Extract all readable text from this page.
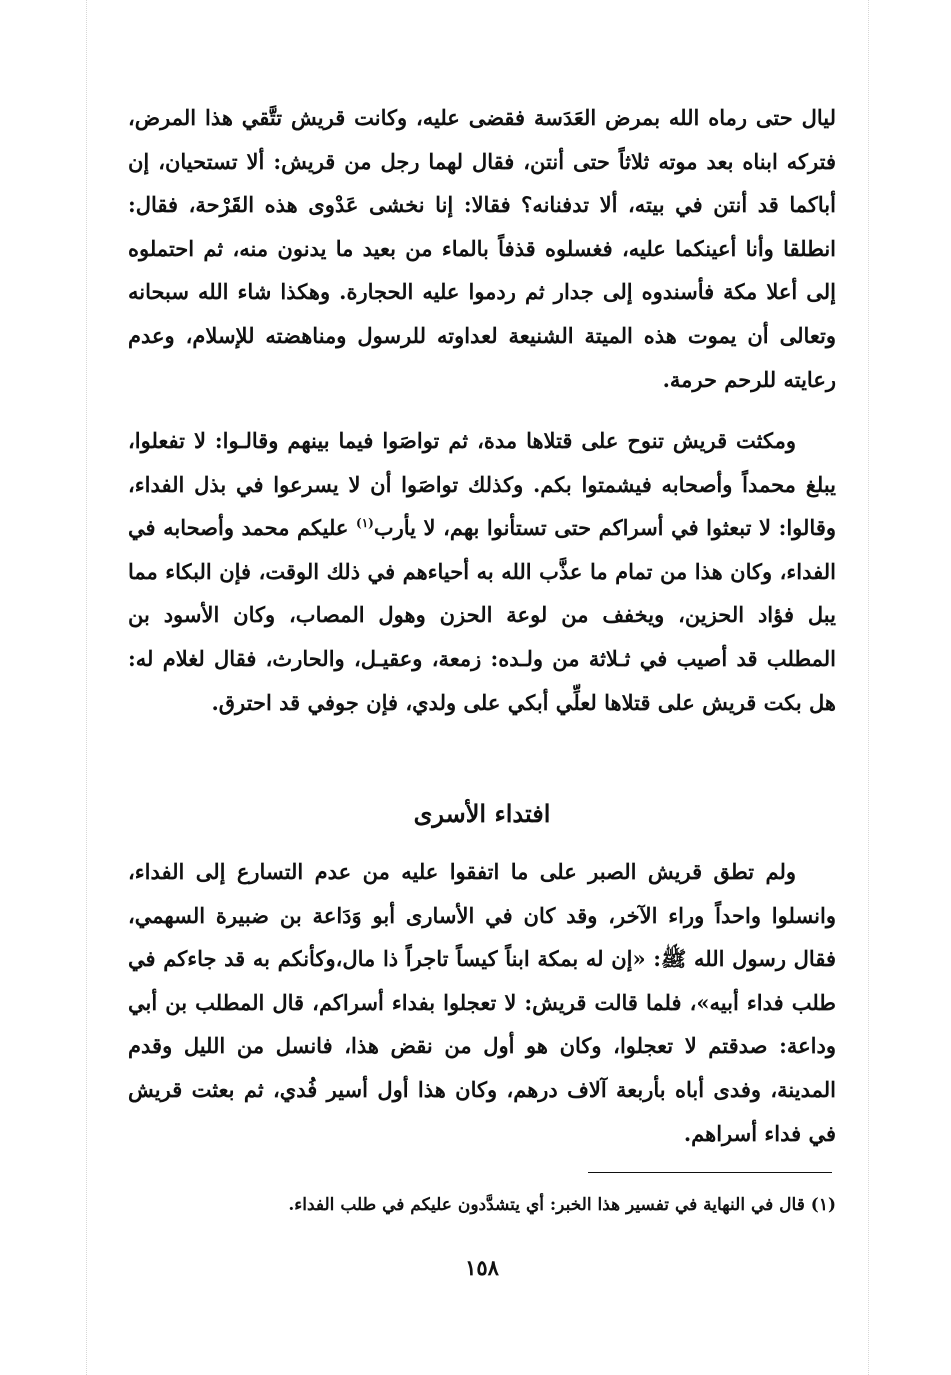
ليال حتى رماه الله بمرض العَدَسة فقضى عليه، وكانت قريش تتَّقي هذا المرض، فتركه ابناه بعد موته ثلاثاً حتى أنتن، فقال لهما رجل من قريش: ألا تستحيان، إن أباكما قد أنتن في بيته، ألا تدفنانه؟ فقالا: إنا نخشى عَدْوى هذه القَرْحة، فقال: انطلقا وأنا أعينكما عليه، فغسلوه قذفاً بالماء من بعيد ما يدنون منه، ثم احتملوه إلى أعلا مكة فأسندوه إلى جدار ثم ردموا عليه الحجارة. وهكذا شاء الله سبحانه وتعالى أن يموت هذه الميتة الشنيعة لعداوته للرسول ومناهضته للإسلام، وعدم رعايته للرحم حرمة.

ومكثت قريش تنوح على قتلاها مدة، ثم تواصَوا فيما بينهم وقالـوا: لا تفعلوا، يبلغ محمداً وأصحابه فيشمتوا بكم. وكذلك تواصَوا أن لا يسرعوا في بذل الفداء، وقالوا: لا تبعثوا في أسراكم حتى تستأنوا بهم، لا يأرب$^{(١)}$ عليكم محمد وأصحابه في الفداء، وكان هذا من تمام ما عذَّب الله به أحياءهم في ذلك الوقت، فإن البكاء مما يبل فؤاد الحزين، ويخفف من لوعة الحزن وهول المصاب، وكان الأسود بن المطلب قد أصيب في ثـلاثة من ولـده: زمعة، وعقيـل، والحارث، فقال لغلام له: هل بكت قريش على قتلاها لعلِّي أبكي على ولدي، فإن جوفي قد احترق.

افتداء الأسرى

ولم تطق قريش الصبر على ما اتفقوا عليه من عدم التسارع إلى الفداء، وانسلوا واحداً وراء الآخر، وقد كان في الأسارى أبو وَدَاعة بن ضبيرة السهمي، فقال رسول الله ﷺ: «إن له بمكة ابناً كيساً تاجراً ذا مال،وكأنكم به قد جاءكم في طلب فداء أبيه»، فلما قالت قريش: لا تعجلوا بفداء أسراكم، قال المطلب بن أبي وداعة: صدقتم لا تعجلوا، وكان هو أول من نقض هذا، فانسل من الليل وقدم المدينة، وفدى أباه بأربعة آلاف درهم، وكان هذا أول أسير فُدي، ثم بعثت قريش في فداء أسراهم.

(١) قال في النهاية في تفسير هذا الخبر: أي يتشدَّدون عليكم في طلب الفداء.
١٥٨
